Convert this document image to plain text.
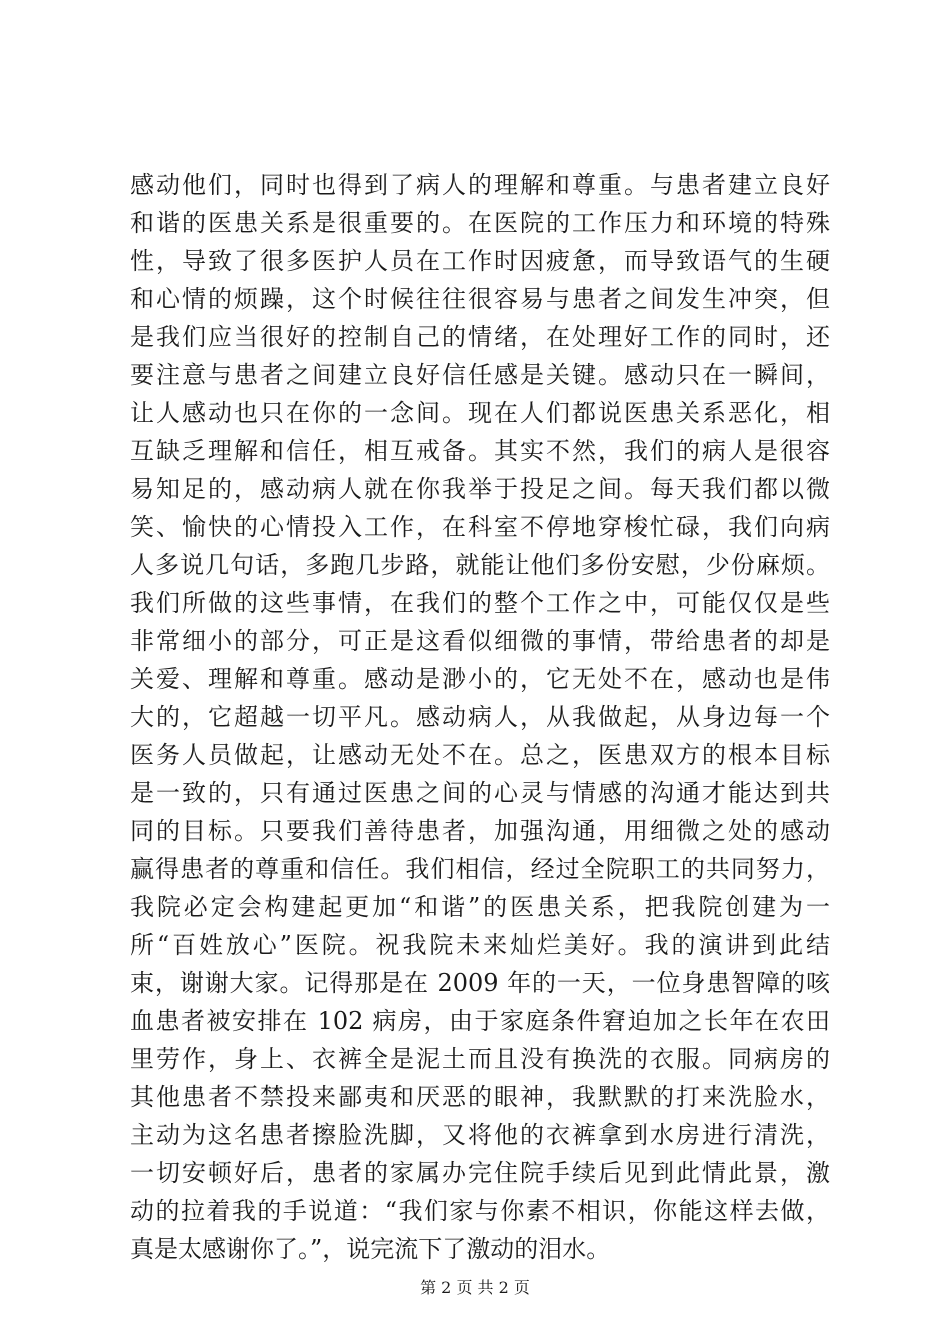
感动他们，同时也得到了病人的理解和尊重。与患者建立良好
和谐的医患关系是很重要的。在医院的工作压力和环境的特殊
性，导致了很多医护人员在工作时因疲惫，而导致语气的生硬
和心情的烦躁，这个时候往往很容易与患者之间发生冲突，但
是我们应当很好的控制自己的情绪，在处理好工作的同时，还
要注意与患者之间建立良好信任感是关键。感动只在一瞬间，
让人感动也只在你的一念间。现在人们都说医患关系恶化，相
互缺乏理解和信任，相互戒备。其实不然，我们的病人是很容
易知足的，感动病人就在你我举于投足之间。每天我们都以微
笑、愉快的心情投入工作，在科室不停地穿梭忙碌，我们向病
人多说几句话，多跑几步路，就能让他们多份安慰，少份麻烦。
我们所做的这些事情，在我们的整个工作之中，可能仅仅是些
非常细小的部分，可正是这看似细微的事情，带给患者的却是
关爱、理解和尊重。感动是渺小的，它无处不在，感动也是伟
大的，它超越一切平凡。感动病人，从我做起，从身边每一个
医务人员做起，让感动无处不在。总之，医患双方的根本目标
是一致的，只有通过医患之间的心灵与情感的沟通才能达到共
同的目标。只要我们善待患者，加强沟通，用细微之处的感动
赢得患者的尊重和信任。我们相信，经过全院职工的共同努力，
我院必定会构建起更加“和谐”的医患关系，把我院创建为一
所“百姓放心”医院。祝我院未来灿烂美好。我的演讲到此结
束，谢谢大家。记得那是在 2009 年的一天，一位身患智障的咳
血患者被安排在 102 病房，由于家庭条件窘迫加之长年在农田
里劳作，身上、衣裤全是泥土而且没有换洗的衣服。同病房的
其他患者不禁投来鄙夷和厌恶的眼神，我默默的打来洗脸水，
主动为这名患者擦脸洗脚，又将他的衣裤拿到水房进行清洗，
一切安顿好后，患者的家属办完住院手续后见到此情此景，激
动的拉着我的手说道：“我们家与你素不相识，你能这样去做，
真是太感谢你了。”，说完流下了激动的泪水。
第 2 页 共 2 页
